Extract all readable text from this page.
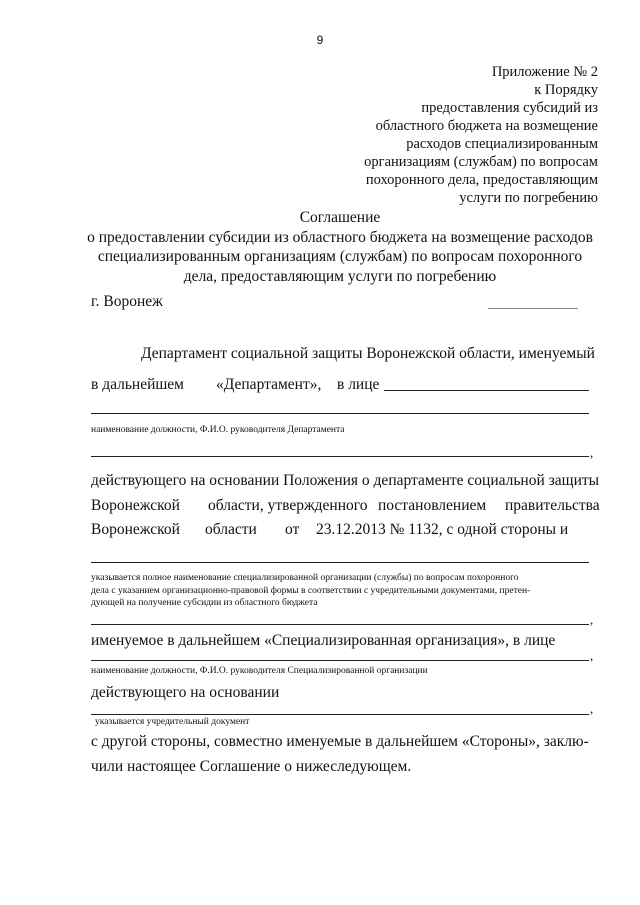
9
Приложение № 2
к Порядку
предоставления субсидий из
областного бюджета на возмещение
расходов специализированным
организациям (службам) по вопросам
похоронного дела, предоставляющим
услуги по погребению
Соглашение
о предоставлении субсидии из областного бюджета на возмещение расходов
специализированным организациям (службам) по вопросам похоронного
дела, предоставляющим услуги по погребению
г. Воронеж
Департамент социальной защиты Воронежской области, именуемый
в дальнейшем «Департамент», в лице
наименование должности, Ф.И.О. руководителя Департамента
,
действующего на основании Положения о департаменте социальной защиты
Воронежской области, утвержденного постановлением правительства
Воронежской области от 23.12.2013 № 1132, с одной стороны и
указывается полное наименование специализированной организации (службы) по вопросам похоронного
дела с указанием организационно-правовой формы в соответствии с учредительными документами, претен-
дующей на получение субсидии из областного бюджета
,
именуемое в дальнейшем «Специализированная организация», в лице
,
наименование должности, Ф.И.О. руководителя Специализированной организации
действующего на основании
,
указывается учредительный документ
с другой стороны, совместно именуемые в дальнейшем «Стороны», заклю-
чили настоящее Соглашение о нижеследующем.
